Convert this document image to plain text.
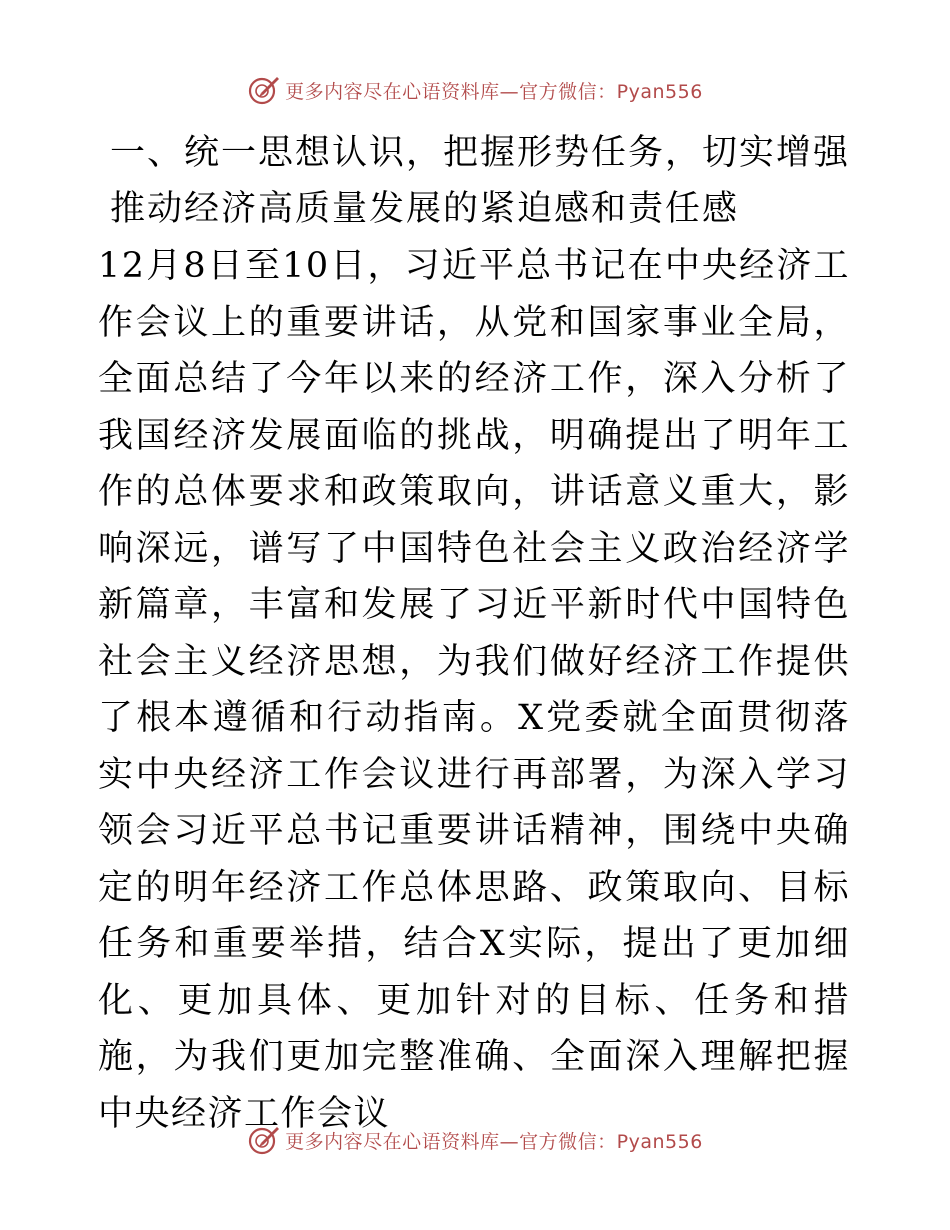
更多内容尽在心语资料库—官方微信：Pyan556
一、统一思想认识，把握形势任务，切实增强推动经济高质量发展的紧迫感和责任感

12月8日至10日，习近平总书记在中央经济工作会议上的重要讲话，从党和国家事业全局，全面总结了今年以来的经济工作，深入分析了我国经济发展面临的挑战，明确提出了明年工作的总体要求和政策取向，讲话意义重大，影响深远，谱写了中国特色社会主义政治经济学新篇章，丰富和发展了习近平新时代中国特色社会主义经济思想，为我们做好经济工作提供了根本遵循和行动指南。X党委就全面贯彻落实中央经济工作会议进行再部署，为深入学习领会习近平总书记重要讲话精神，围绕中央确定的明年经济工作总体思路、政策取向、目标任务和重要举措，结合X实际，提出了更加细化、更加具体、更加针对的目标、任务和措施，为我们更加完整准确、全面深入理解把握中央经济工作会议

更多内容尽在心语资料库—官方微信：Pyan556
